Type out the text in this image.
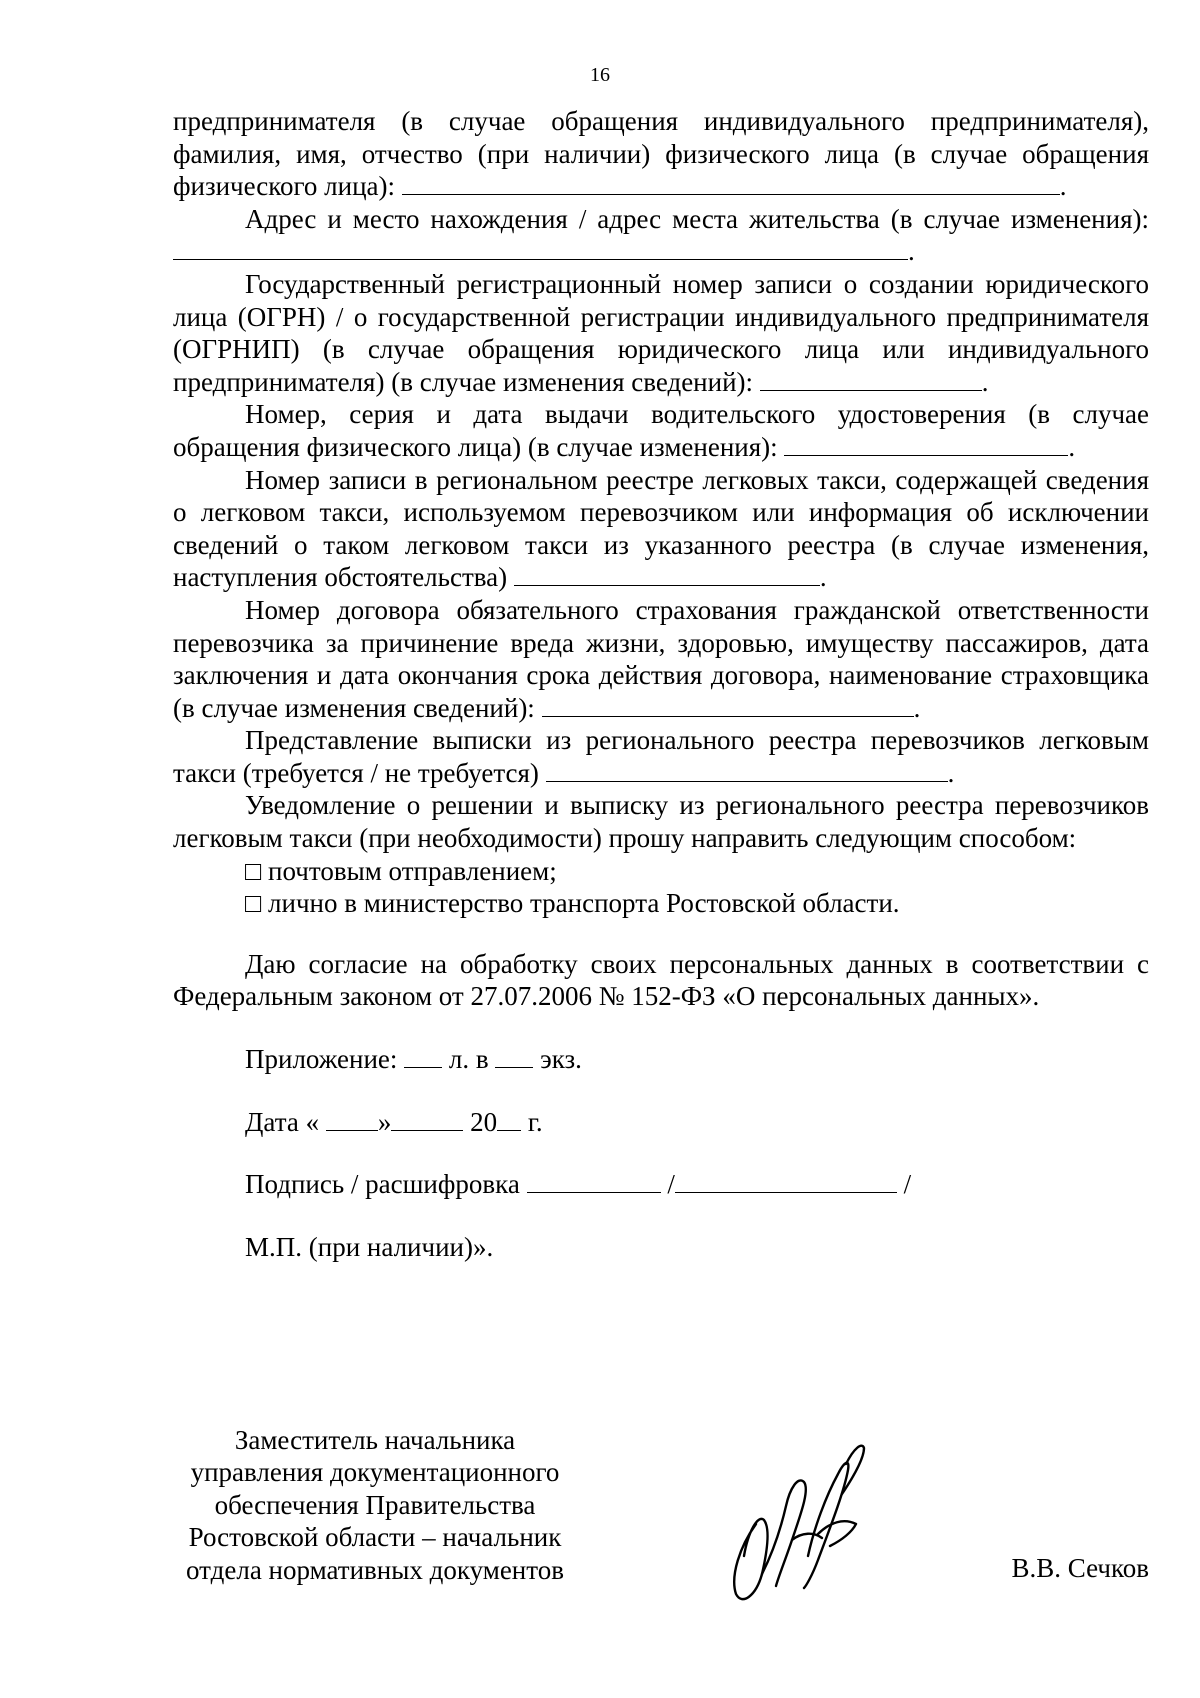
16

предпринимателя (в случае обращения индивидуального предпринимателя), фамилия, имя, отчество (при наличии) физического лица (в случае обращения физического лица):	.

Адрес и место нахождения / адрес места жительства (в случае изменения): .

Государственный регистрационный номер записи о создании юридического лица (ОГРН) / о государственной регистрации индивидуального предпринимателя (ОГРНИП) (в случае обращения юридического лица или индивидуального предпринимателя) (в случае изменения сведений):	.

Номер, серия и дата выдачи водительского удостоверения (в случае обращения физического лица) (в случае изменения):	.

Номер записи в региональном реестре легковых такси, содержащей сведения о легковом такси, используемом перевозчиком или информация об исключении сведений о таком легковом такси из указанного реестра (в случае изменения, наступления обстоятельства)	.

Номер договора обязательного страхования гражданской ответственности перевозчика за причинение вреда жизни, здоровью, имуществу пассажиров, дата заключения и дата окончания срока действия договора, наименование страховщика (в случае изменения сведений):	.

Представление выписки из регионального реестра перевозчиков легковым такси (требуется / не требуется)	.

Уведомление о решении и выписку из регионального реестра перевозчиков легковым такси (при необходимости) прошу направить следующим способом:

□ почтовым отправлением;

□ лично в министерство транспорта Ростовской области.

Даю согласие на обработку своих персональных данных в соответствии с Федеральным законом от 27.07.2006 № 152-ФЗ «О персональных данных».

Приложение: л. в экз.

Дата « »	20 г.

Подпись / расшифровка	/	/

М.П. (при наличии)».

Заместитель начальника
управления документационного
обеспечения Правительства
Ростовской области – начальник
отдела нормативных документов	В.В. Сечков
